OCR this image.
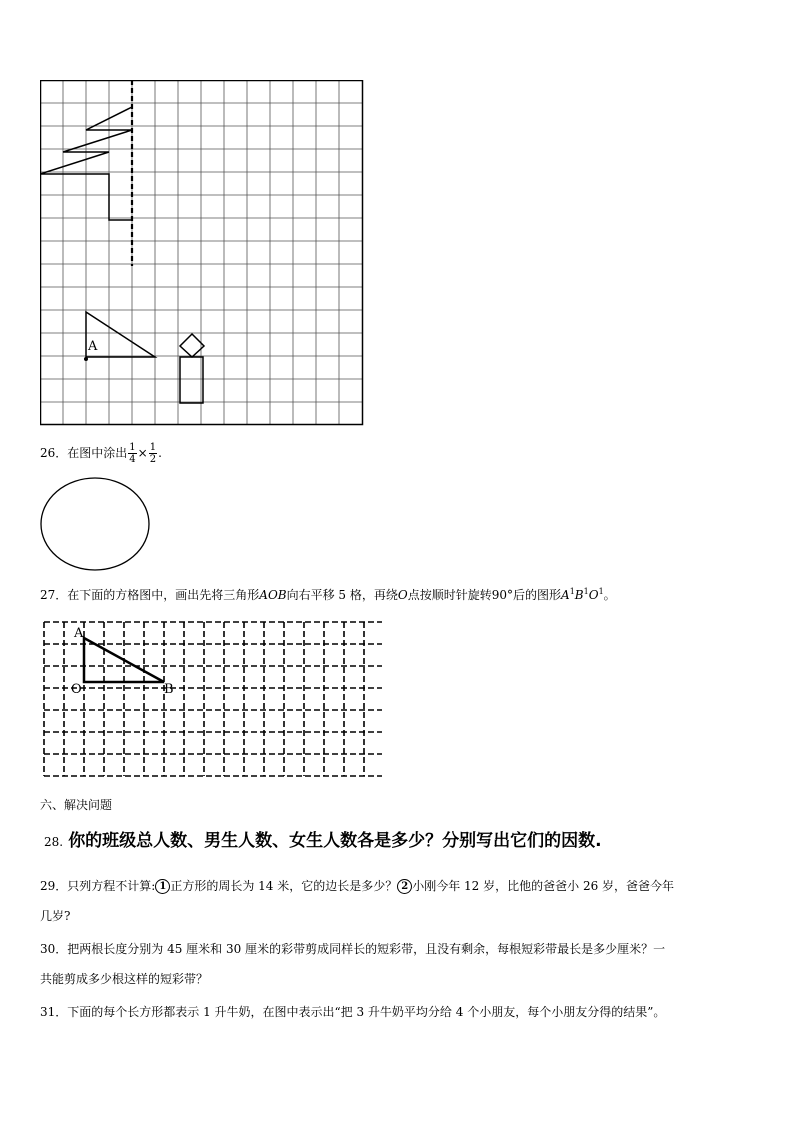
A
26．在图中涂出 $\frac{1}{4} \times \frac{1}{2}$ .
27．在下面的方格图中，画出先将三角形AOB向右平移 5 格，再绕O点按顺时针旋转90°后的图形$A^1B^1O^1$。
A
O	B
六、解决问题
28. 你的班级总人数、男生人数、女生人数各是多少？分别写出它们的因数.
29．只列方程不计算: 1 正方形的周长为 14 米，它的边长是多少？ 2 小刚今年 12 岁，比他的爸爸小 26 岁，爸爸今年
几岁?
30．把两根长度分别为 45 厘米和 30 厘米的彩带剪成同样长的短彩带，且没有剩余，每根短彩带最长是多少厘米？一
共能剪成多少根这样的短彩带？
31．下面的每个长方形都表示 1 升牛奶，在图中表示出“把 3 升牛奶平均分给 4 个小朋友，每个小朋友分得的结果”。
